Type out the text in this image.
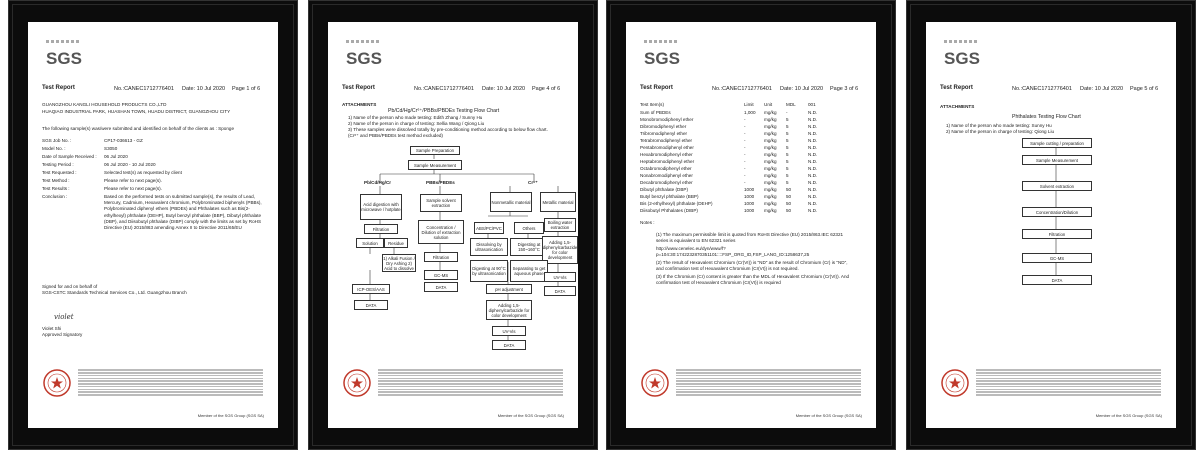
SGS
Test Report	No.:CANEC1712776401 Date: 10 Jul 2020 Page 1 of 6
GUANGZHOU KANGLI HOUSEHOLD PRODUCTS CO.,LTD
HUAQIAO INDUSTRIAL PARK, HUASHAN TOWN, HUADU DISTRICT, GUANGZHOU CITY
The following sample(s) was/were submitted and identified on behalf of the clients as : Sponge
SGS Job No. :	CP17-036613 - GZ
Model No. :	S3050
Date of Sample Received : 06 Jul 2020
Testing Period :	06 Jul 2020 - 10 Jul 2020
Test Requested :	Selected test(s) as requested by client
Test Method :	Please refer to next page(s).
Test Results :	Please refer to next page(s).
Conclusion :	Based on the performed tests on submitted sample(s), the results of Lead, Mercury, Cadmium, Hexavalent chromium, Polybrominated biphenyls (PBBs), Polybrominated diphenyl ethers (PBDEs) and Phthalates such as Bis(2-ethylhexyl) phthalate (DEHP), Butyl benzyl phthalate (BBP), Dibutyl phthalate (DBP), and Diisobutyl phthalate (DIBP) comply with the limits as set by RoHS Directive (EU) 2015/863 amending Annex II to Directive 2011/65/EU
Signed for and on behalf of
SGS-CSTC Standards Technical Services Co., Ltd. Guangzhou Branch
violet
Violet Shi
Approved Signatory
Member of the SGS Group (SGS SA)
SGS
Test Report	No.:CANEC1712776401 Date: 10 Jul 2020 Page 4 of 6
ATTACHMENTS
Pb/Cd/Hg/Cr⁶⁺/PBBs/PBDEs Testing Flow Chart
1) Name of the person who made testing: Edith Zhang / Sunny Hu
2) Name of the person in charge of testing: Sellia Wang / Qiong Liu
3) These samples were dissolved totally by pre-conditioning method according to below flow chart.
(Cr⁶⁺ and PBBs/PBDEs test method excluded)
Sample Preparation
Sample Measurement
Pb/Cd/Hg/Cr	PBBs/PBDEs	Cr⁶⁺
Acid digestion with microwave / hotplate
Sample solvent extraction
Nonmetallic material	Metallic material
Filtration	Concentration / Dilution of extraction solution
ABS/PC/PVC	Others
Boiling water extraction
Solution	Residue
Filtration
Dissolving by ultrasonication
Digesting at 150~160°C
Adding 1,5-diphenylcarbazide for color development
1) Alkali Fusion / Dry Ashing 2) Acid to dissolve
GC-MS
Digesting at 90°C by ultrasonication
Separating to get aqueous phase
UV-Vis
ICP-OES/AAS	DATA
DATA
DATA
pH adjustment
Adding 1,5-diphenylcarbazide for color development
UV-Vis
DATA
Member of the SGS Group (SGS SA)
SGS
Test Report	No.:CANEC1712776401 Date: 10 Jul 2020 Page 3 of 6
Test Item(s)	Limit Unit	MDL	001
Sum of PBDEs	1,000 mg/kg -	N.D.
Monobromodiphenyl ether	-	mg/kg 5	N.D.
Dibromodiphenyl ether	-	mg/kg 5	N.D.
Tribromodiphenyl ether	-	mg/kg 5	N.D.
Tetrabromodiphenyl ether	-	mg/kg 5	N.D.
Pentabromodiphenyl ether	-	mg/kg 5	N.D.
Hexabromodiphenyl ether	-	mg/kg 5	N.D.
Heptabromodiphenyl ether	-	mg/kg 5	N.D.
Octabromodiphenyl ether	-	mg/kg 5	N.D.
Nonabromodiphenyl ether	-	mg/kg 5	N.D.
Decabromodiphenyl ether	-	mg/kg 5	N.D.
Dibutyl phthalate (DBP)	1000 mg/kg 50	N.D.
Butyl benzyl phthalate (BBP)	1000 mg/kg 50	N.D.
Bis (2-ethylhexyl) phthalate (DEHP)	1000 mg/kg 50	N.D.
Diisobutyl Phthalates (DIBP)	1000 mg/kg 50	N.D.
Notes :
(1) The maximum permissible limit is quoted from RoHS Directive (EU) 2015/863.IEC 62321 series is equivalent to EN 62321 series
http://www.cenelec.eu/dyn/www/f?p=104:30:1742232870351101::::FSP_ORG_ID,FSP_LANG_ID:1258637,25
(2) The result of Hexavalent Chromium (Cr(VI)) is "ND" as the result of Chromium (Cr) is "ND", and confirmation test of Hexavalent Chromium (Cr(VI)) is not required.
(3) If the Chromium (Cr) content is greater than the MDL of Hexavalent Chromium (Cr(VI)). And confirmation test of Hexavalent Chromium (Cr(VI)) is required
Member of the SGS Group (SGS SA)
SGS
Test Report	No.:CANEC1712776401 Date: 10 Jul 2020 Page 5 of 6
ATTACHMENTS
Phthalates Testing Flow Chart
1) Name of the person who made testing: Sunny Hu
2) Name of the person in charge of testing: Qiong Liu
Sample cutting / preparation
Sample Measurement
Solvent extraction
Concentration/Dilution
Filtration
GC-MS
DATA
Member of the SGS Group (SGS SA)
